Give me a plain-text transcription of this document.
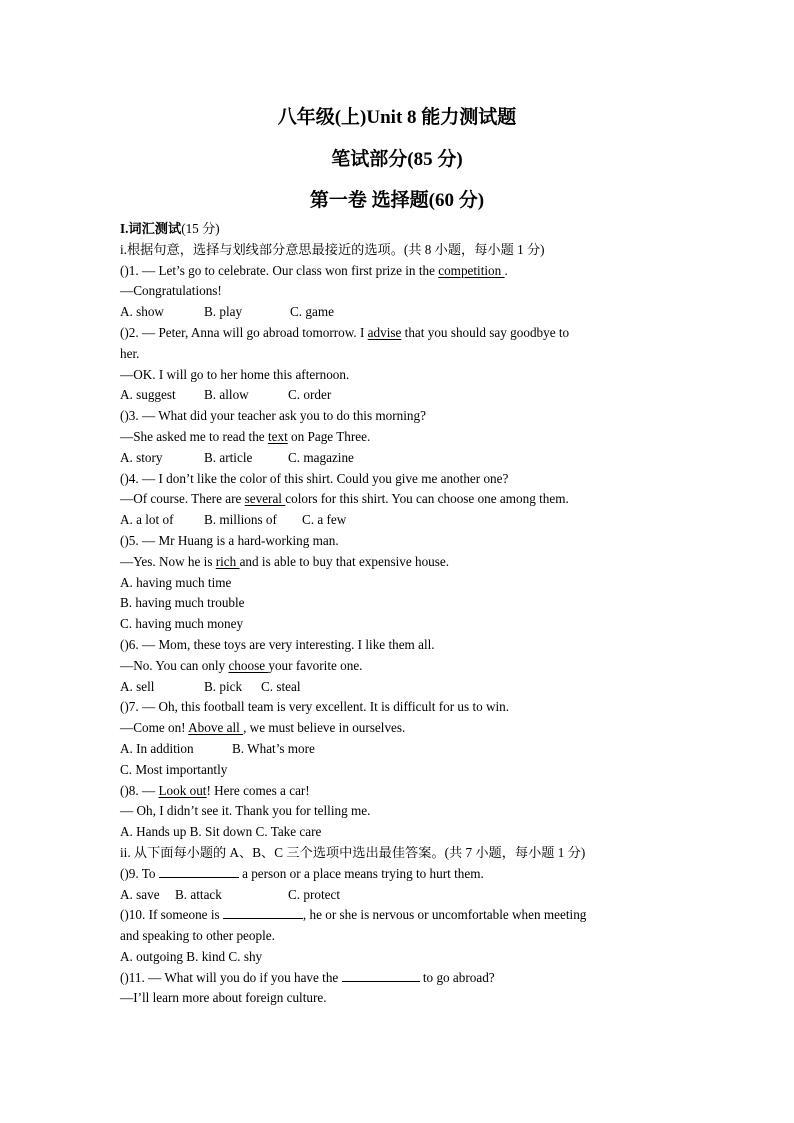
八年级(上)Unit 8 能力测试题
笔试部分(85 分)
第一卷 选择题(60 分)
I.词汇测试(15 分)
i.根据句意，选择与划线部分意思最接近的选项。(共 8 小题，每小题 1 分)
()1. — Let’s go to celebrate. Our class won first prize in the competition .
—Congratulations!
A. show	B. play	C. game
()2. — Peter, Anna will go abroad tomorrow. I advise that you should say goodbye to
her.
—OK. I will go to her home this afternoon.
A. suggest B. allow	C. order
()3. — What did your teacher ask you to do this morning?
—She asked me to read the text on Page Three.
A. story	B. article	C. magazine
()4. — I don’t like the color of this shirt. Could you give me another one?
—Of course. There are several colors for this shirt. You can choose one among them.
A. a lot of B. millions of C. a few
()5. — Mr Huang is a hard-working man.
—Yes. Now he is rich and is able to buy that expensive house.
A. having much time
B. having much trouble
C. having much money
()6. — Mom, these toys are very interesting. I like them all.
—No. You can only choose your favorite one.
A. sell	B. pick C. steal
()7. — Oh, this football team is very excellent. It is difficult for us to win.
—Come on! Above all , we must believe in ourselves.
A. In addition	B. What’s more
C. Most importantly
()8. — Look out! Here comes a car!
— Oh, I didn’t see it. Thank you for telling me.
A. Hands up B. Sit down C. Take care
ii. 从下面每小题的 A、B、C 三个选项中选出最佳答案。(共 7 小题，每小题 1 分)
()9. To	a person or a place means trying to hurt them.
A. save B. attack	C. protect
()10. If someone is	, he or she is nervous or uncomfortable when meeting
and speaking to other people.
A. outgoing B. kind C. shy
()11. — What will you do if you have the	to go abroad?
—I’ll learn more about foreign culture.
